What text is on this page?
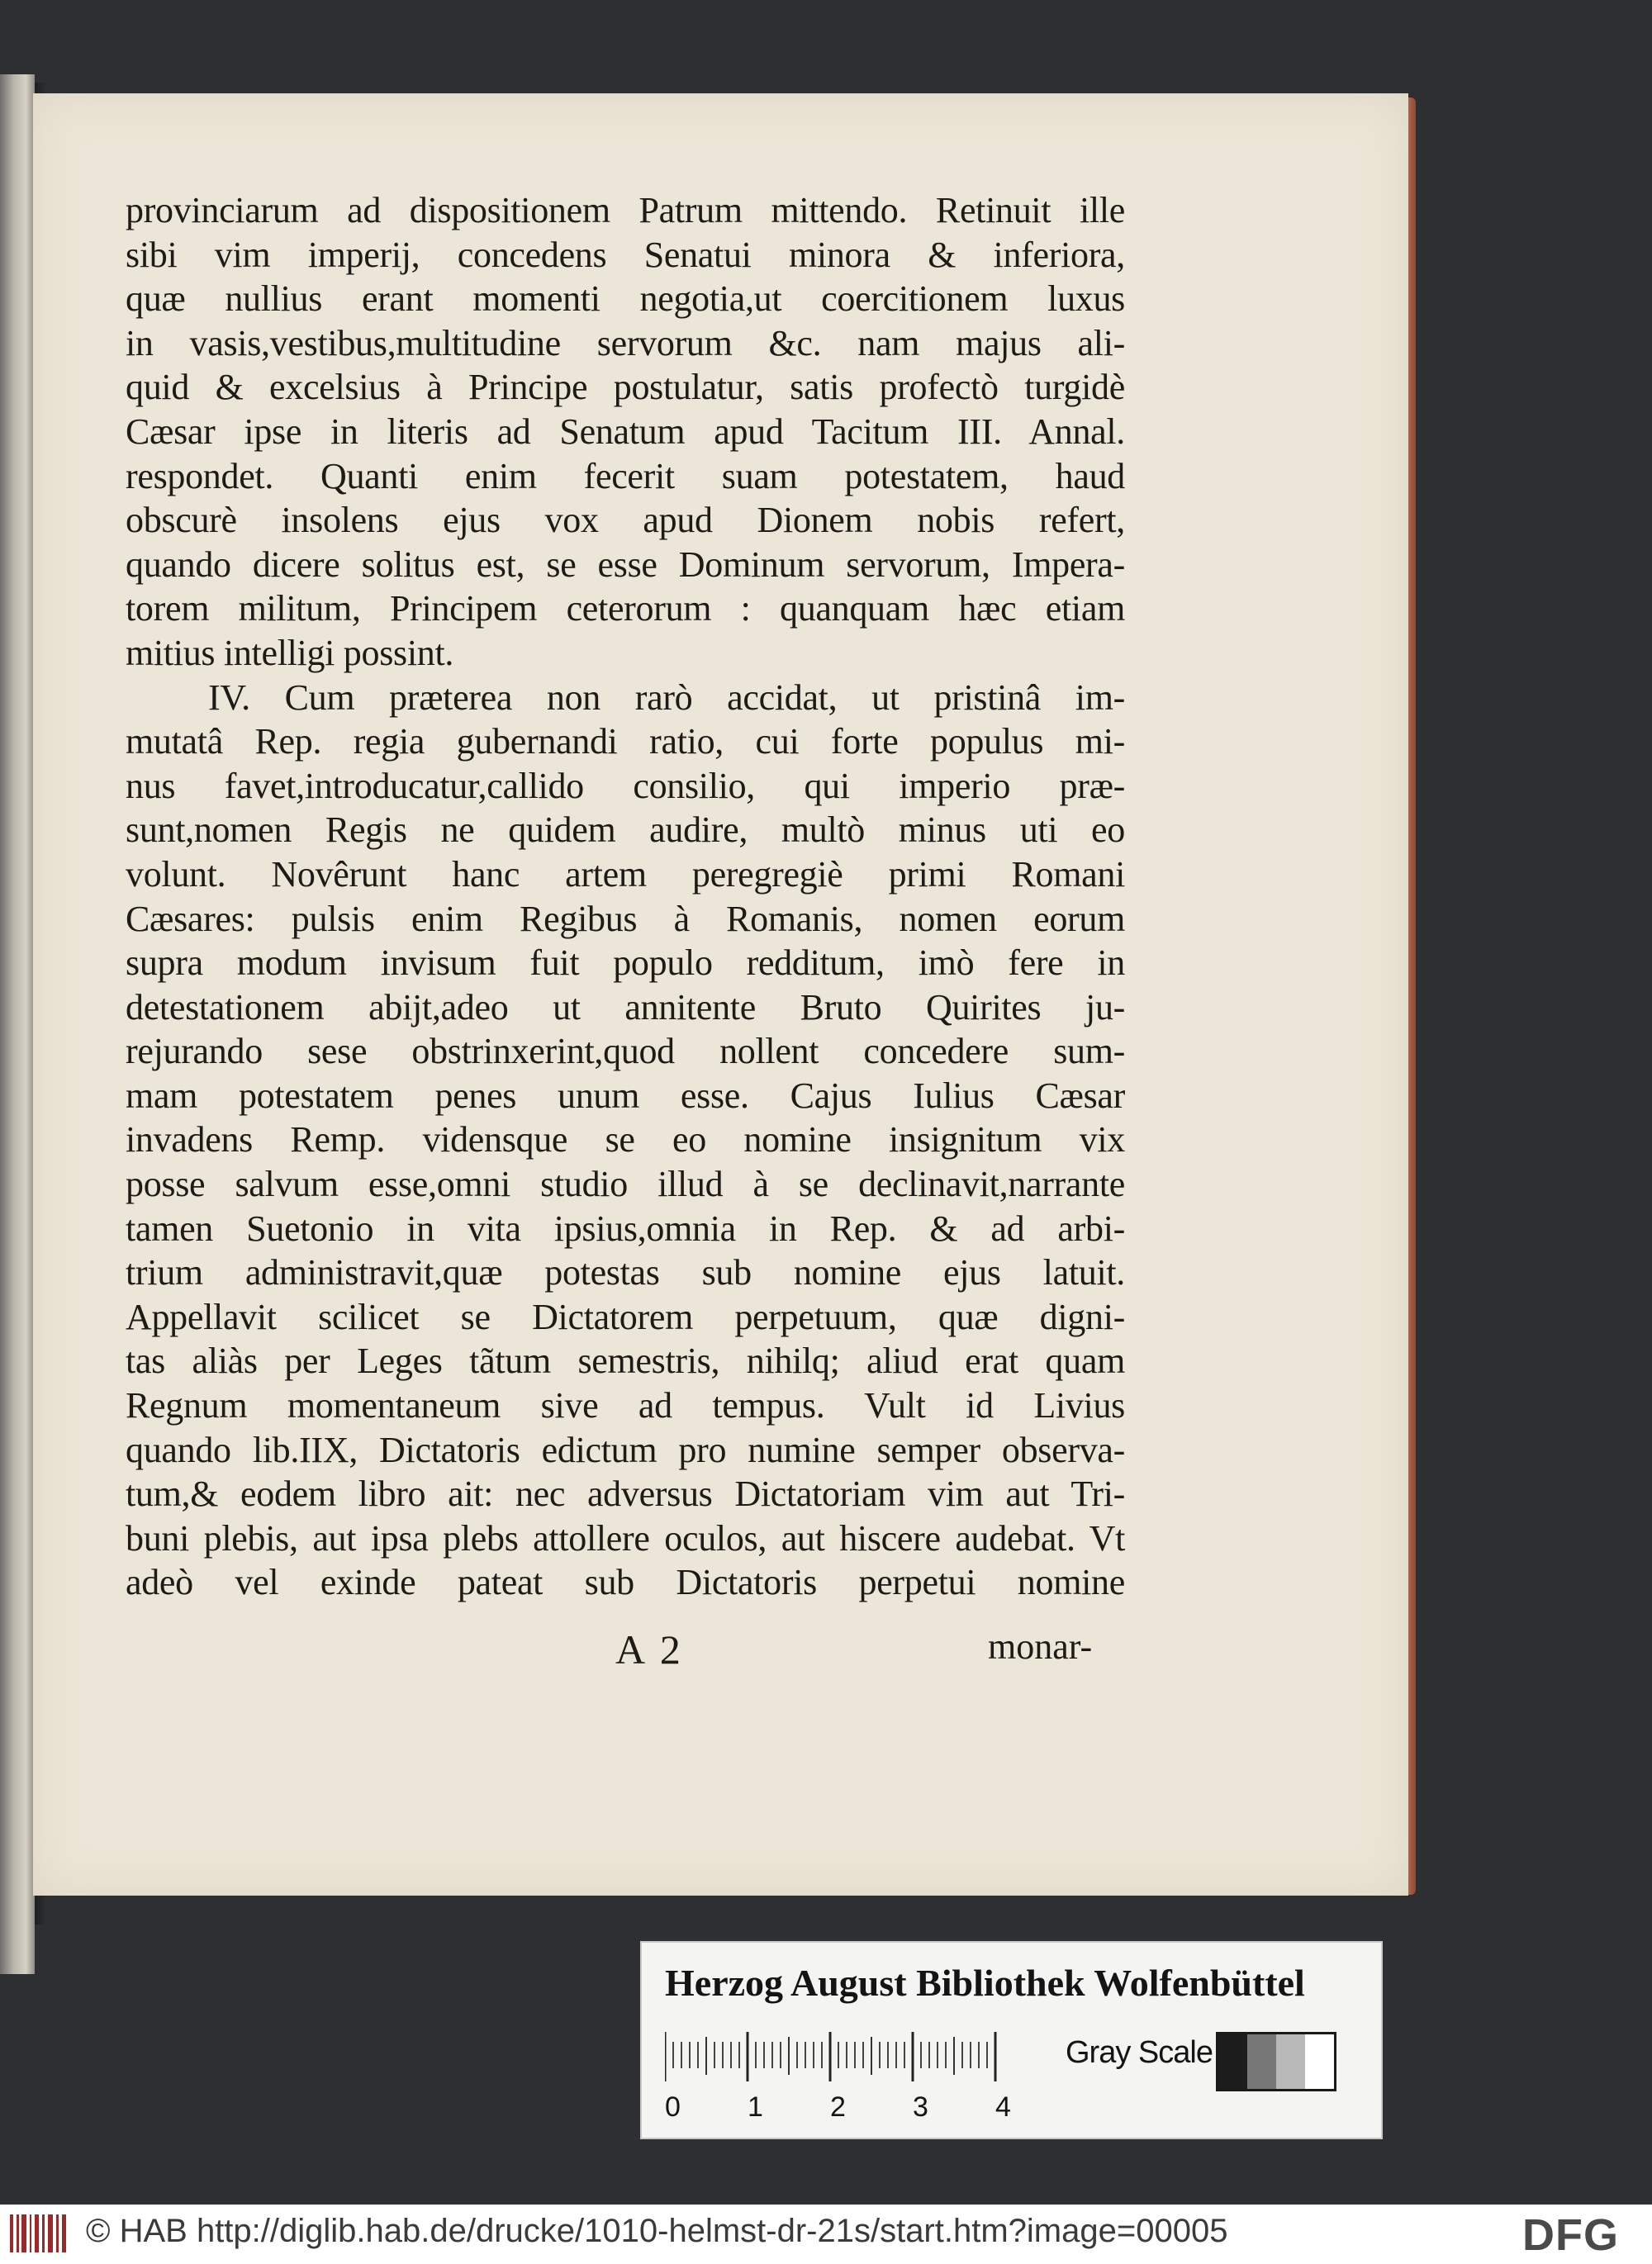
provinciarum ad dispositionem Patrum mittendo. Retinuit ille
sibi vim imperij, concedens Senatui minora & inferiora,
quæ nullius erant momenti negotia,ut coercitionem luxus
in vasis,vestibus,multitudine servorum &c. nam majus ali-
quid & excelsius à Principe postulatur, satis profectò turgidè
Cæsar ipse in literis ad Senatum apud Tacitum III. Annal.
respondet. Quanti enim fecerit suam potestatem, haud
obscurè insolens ejus vox apud Dionem nobis refert,
quando dicere solitus est, se esse Dominum servorum, Impera-
torem militum, Principem ceterorum : quanquam hæc etiam
mitius intelligi possint.
IV. Cum præterea non rarò accidat, ut pristinâ im-
mutatâ Rep. regia gubernandi ratio, cui forte populus mi-
nus favet,introducatur,callido consilio, qui imperio præ-
sunt,nomen Regis ne quidem audire, multò minus uti eo
volunt. Novêrunt hanc artem peregregiè primi Romani
Cæsares: pulsis enim Regibus à Romanis, nomen eorum
supra modum invisum fuit populo redditum, imò fere in
detestationem abijt,adeo ut annitente Bruto Quirites ju-
rejurando sese obstrinxerint,quod nollent concedere sum-
mam potestatem penes unum esse. Cajus Iulius Cæsar
invadens Remp. vidensque se eo nomine insignitum vix
posse salvum esse,omni studio illud à se declinavit,narrante
tamen Suetonio in vita ipsius,omnia in Rep. & ad arbi-
trium administravit,quæ potestas sub nomine ejus latuit.
Appellavit scilicet se Dictatorem perpetuum, quæ digni-
tas aliàs per Leges tãtum semestris, nihilq; aliud erat quam
Regnum momentaneum sive ad tempus. Vult id Livius
quando lib.IIX, Dictatoris edictum pro numine semper observa-
tum,& eodem libro ait: nec adversus Dictatoriam vim aut Tri-
buni plebis, aut ipsa plebs attollere oculos, aut hiscere audebat. Vt
adeò vel exinde pateat sub Dictatoris perpetui nomine
A 2	monar-
Herzog August Bibliothek Wolfenbüttel
0 1 2 3 4
Gray Scale
© HAB http://diglib.hab.de/drucke/1010-helmst-dr-21s/start.htm?image=00005	DFG
